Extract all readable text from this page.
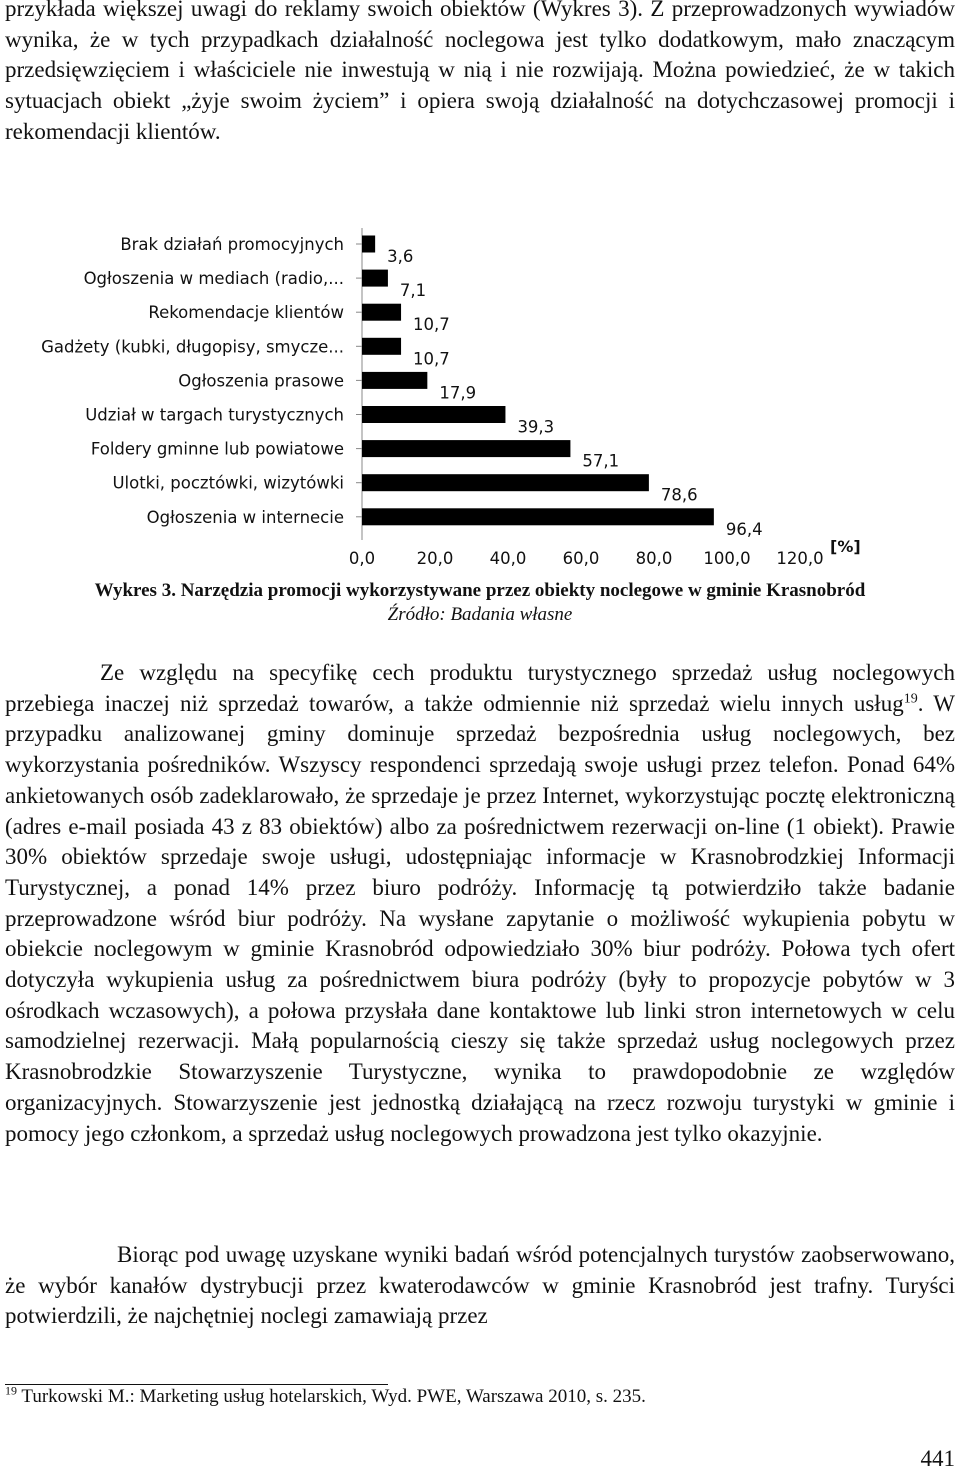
przykłada większej uwagi do reklamy swoich obiektów (Wykres 3). Z przeprowadzonych wywiadów wynika, że w tych przypadkach działalność noclegowa jest tylko dodatkowym, mało znaczącym przedsięwzięciem i właściciele nie inwestują w nią i nie rozwijają. Można powiedzieć, że w takich sytuacjach obiekt „żyje swoim życiem” i opiera swoją działalność na dotychczasowej promocji i rekomendacji klientów.

Brak działań promocyjnych
3,6
Ogłoszenia w mediach (radio,...
7,1
Rekomendacje klientów
10,7
Gadżety (kubki, długopisy, smycze...
10,7
Ogłoszenia prasowe
17,9
Udział w targach turystycznych
39,3
Foldery gminne lub powiatowe
57,1
Ulotki, pocztówki, wizytówki
78,6
Ogłoszenia w internecie
96,4
0,0	20,0 40,0 60,0 80,0 100,0 120,0
[%]

Wykres 3. Narzędzia promocji wykorzystywane przez obiekty noclegowe w gminie Krasnobród

Źródło: Badania własne

Ze względu na specyfikę cech produktu turystycznego sprzedaż usług noclegowych przebiega inaczej niż sprzedaż towarów, a także odmiennie niż sprzedaż wielu innych usług$^{19}$. W przypadku analizowanej gminy dominuje sprzedaż bezpośrednia usług noclegowych, bez wykorzystania pośredników. Wszyscy respondenci sprzedają swoje usługi przez telefon. Ponad 64% ankietowanych osób zadeklarowało, że sprzedaje je przez Internet, wykorzystując pocztę elektroniczną (adres e-mail posiada 43 z 83 obiektów) albo za pośrednictwem rezerwacji on-line (1 obiekt). Prawie 30% obiektów sprzedaje swoje usługi, udostępniając informacje w Krasnobrodzkiej Informacji Turystycznej, a ponad 14% przez biuro podróży. Informację tą potwierdziło także badanie przeprowadzone wśród biur podróży. Na wysłane zapytanie o możliwość wykupienia pobytu w obiekcie noclegowym w gminie Krasnobród odpowiedziało 30% biur podróży. Połowa tych ofert dotyczyła wykupienia usług za pośrednictwem biura podróży (były to propozycje pobytów w 3 ośrodkach wczasowych), a połowa przysłała dane kontaktowe lub linki stron internetowych w celu samodzielnej rezerwacji. Małą popularnością cieszy się także sprzedaż usług noclegowych przez Krasnobrodzkie Stowarzyszenie Turystyczne, wynika to prawdopodobnie ze względów organizacyjnych. Stowarzyszenie jest jednostką działającą na rzecz rozwoju turystyki w gminie i pomocy jego członkom, a sprzedaż usług noclegowych prowadzona jest tylko okazyjnie.

Biorąc pod uwagę uzyskane wyniki badań wśród potencjalnych turystów zaobserwowano, że wybór kanałów dystrybucji przez kwaterodawców w gminie Krasnobród jest trafny. Turyści potwierdzili, że najchętniej noclegi zamawiają przez

$^{19}$ Turkowski M.: Marketing usług hotelarskich, Wyd. PWE, Warszawa 2010, s. 235.

441
